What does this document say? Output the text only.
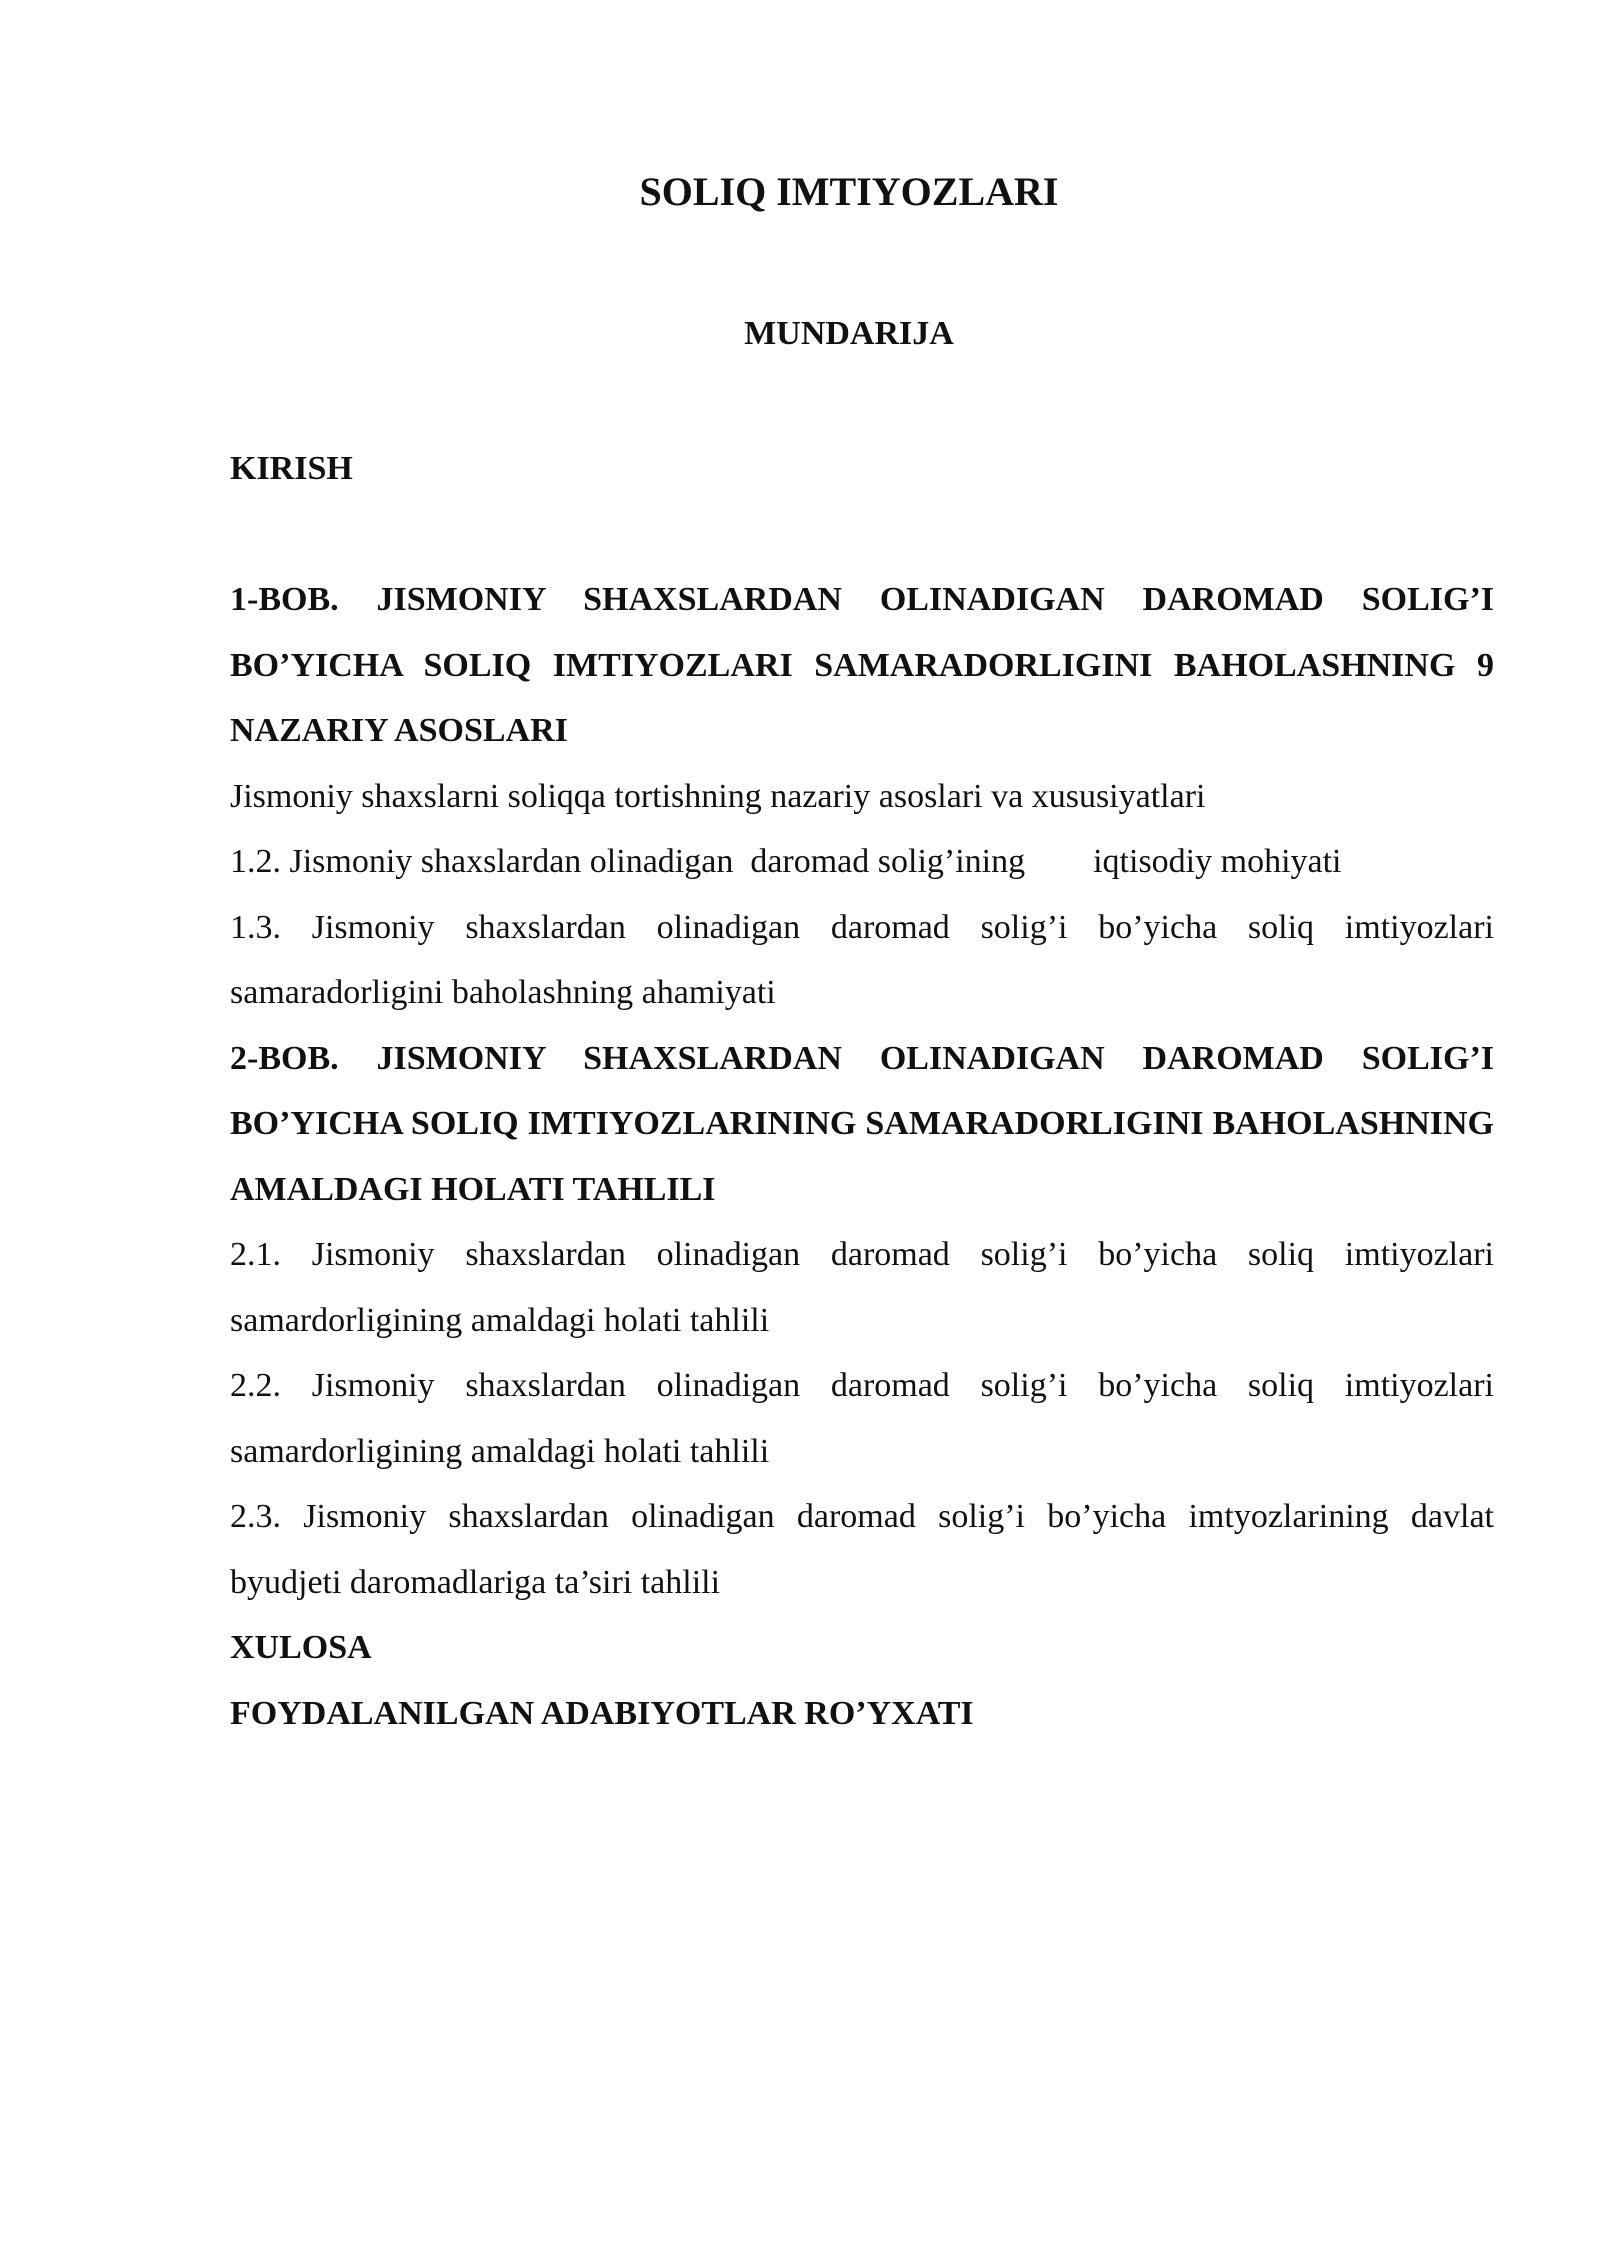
SOLIQ IMTIYOZLARI
MUNDARIJA

KIRISH

1-BOB. JISMONIY SHAXSLARDAN OLINADIGAN DAROMAD SOLIG’I BO’YICHA SOLIQ IMTIYOZLARI SAMARADORLIGINI BAHOLASHNING 9 NAZARIY ASOSLARI

Jismoniy shaxslarni soliqqa tortishning nazariy asoslari va xususiyatlari

1.2. Jismoniy shaxslardan olinadigan  daromad solig’ining        iqtisodiy mohiyati

1.3. Jismoniy shaxslardan olinadigan daromad solig’i bo’yicha soliq imtiyozlari samaradorligini baholashning ahamiyati

2-BOB. JISMONIY SHAXSLARDAN OLINADIGAN DAROMAD SOLIG’I BO’YICHA SOLIQ IMTIYOZLARINING SAMARADORLIGINI BAHOLASHNING AMALDAGI HOLATI TAHLILI

2.1. Jismoniy shaxslardan olinadigan daromad solig’i bo’yicha soliq imtiyozlari samardorligining amaldagi holati tahlili

2.2. Jismoniy shaxslardan olinadigan daromad solig’i bo’yicha soliq imtiyozlari samardorligining amaldagi holati tahlili

2.3. Jismoniy shaxslardan olinadigan daromad solig’i bo’yicha imtyozlarining davlat byudjeti daromadlariga ta’siri tahlili

XULOSA

FOYDALANILGAN ADABIYOTLAR RO’YXATI
